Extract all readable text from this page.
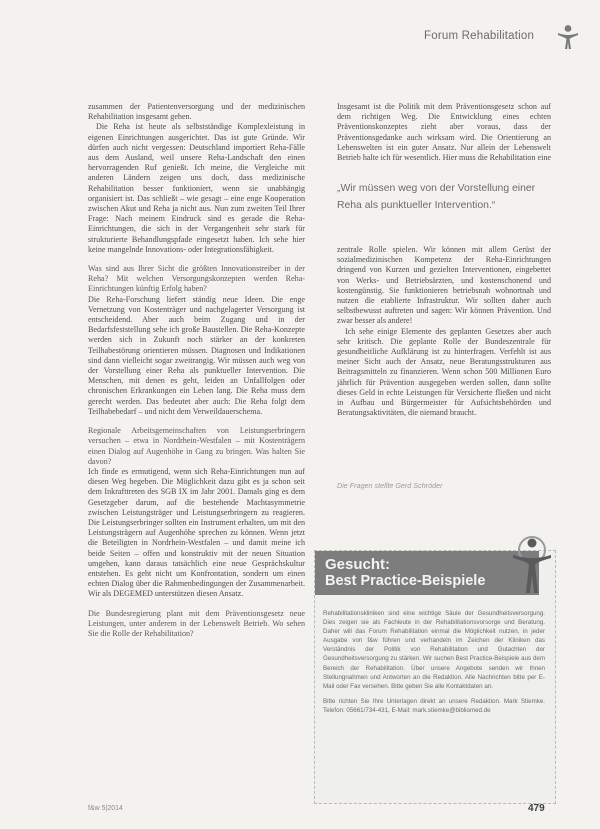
Forum Rehabilitation

zusammen der Patientenversorgung und der medizinischen Rehabilitation insgesamt gehen.

Die Reha ist heute als selbstständige Komplexleistung in eigenen Einrichtungen ausgerichtet. Das ist gute Gründe. Wir dürfen auch nicht vergessen: Deutschland importiert Reha-Fälle aus dem Ausland, weil unsere Reha-Landschaft den einen hervorragenden Ruf genießt. Ich meine, die Vergleiche mit anderen Ländern zeigen uns doch, dass medizinische Rehabilitation besser funktioniert, wenn sie unabhängig organisiert ist. Das schließt – wie gesagt – eine enge Kooperation zwischen Akut und Reha ja nicht aus. Nun zum zweiten Teil Ihrer Frage: Nach meinem Eindruck sind es gerade die Reha-Einrichtungen, die sich in der Vergangenheit sehr stark für strukturierte Behandlungspfade eingesetzt haben. Ich sehe hier keine mangelnde Innovations- oder Integrationsfähigkeit.

Was sind aus Ihrer Sicht die größten Innovationstreiber in der Reha? Mit welchen Versorgungskonzepten werden Reha-Einrichtungen künftig Erfolg haben?

Die Reha-Forschung liefert ständig neue Ideen. Die enge Vernetzung von Kostenträger und nachgelagerter Versorgung ist entscheidend. Aber auch beim Zugang und in der Bedarfsfeststellung sehe ich große Baustellen. Die Reha-Konzepte werden sich in Zukunft noch stärker an der konkreten Teilhabestörung orientieren müssen. Diagnosen und Indikationen sind dann vielleicht sogar zweitrangig. Wir müssen auch weg von der Vorstellung einer Reha als punktueller Intervention. Die Menschen, mit denen es geht, leiden an Unfallfolgen oder chronischen Erkrankungen ein Leben lang. Die Reha muss dem gerecht werden. Das bedeutet aber auch: Die Reha folgt dem Teilhabebedarf – und nicht dem Verweildauerschema.

Regionale Arbeitsgemeinschaften von Leistungserbringern versuchen – etwa in Nordrhein-Westfalen – mit Kostenträgern einen Dialog auf Augenhöhe in Gang zu bringen. Was halten Sie davon?

Ich finde es ermutigend, wenn sich Reha-Einrichtungen nun auf diesen Weg begeben. Die Möglichkeit dazu gibt es ja schon seit dem Inkrafttreten des SGB IX im Jahr 2001. Damals ging es dem Gesetzgeber darum, auf die bestehende Machtasymmetrie zwischen Leistungsträger und Leistungserbringern zu reagieren. Die Leistungserbringer sollten ein Instrument erhalten, um mit den Leistungsträgern auf Augenhöhe sprechen zu können. Wenn jetzt die Beteiligten in Nordrhein-Westfalen – und damit meine ich beide Seiten – offen und konstruktiv mit der neuen Situation umgehen, kann daraus tatsächlich eine neue Gesprächskultur entstehen. Es geht nicht um Konfrontation, sondern um einen echten Dialog über die Rahmenbedingungen der Zusammenarbeit. Wir als DEGEMED unterstützen diesen Ansatz.

Die Bundesregierung plant mit dem Präventionsgesetz neue Leistungen, unter anderem in der Lebenswelt Betrieb. Wo sehen Sie die Rolle der Rehabilitation?

Insgesamt ist die Politik mit dem Präventionsgesetz schon auf dem richtigen Weg. Die Entwicklung eines echten Präventionskonzeptes zieht aber voraus, dass der Präventionsgedanke auch wirksam wird. Die Orientierung an Lebenswelten ist ein guter Ansatz. Nur allein der Lebenswelt Betrieb halte ich für wesentlich. Hier muss die Rehabilitation eine

„Wir müssen weg von der Vorstellung einer Reha als punktueller Intervention.“

zentrale Rolle spielen. Wir können mit allem Gerüst der sozialmedizinischen Kompetenz der Reha-Einrichtungen dringend von Kurzen und gezielten Interventionen, eingebettet von Werks- und Betriebsärzten, und kostenschonend und kostengünstig. Sie funktionieren betriebsnah wohnortnah und nutzen die etablierte Infrastruktur. Wir sollten daher auch selbstbewusst auftreten und sagen: Wir können Prävention. Und zwar besser als andere!

Ich sehe einige Elemente des geplanten Gesetzes aber auch sehr kritisch. Die geplante Rolle der Bundeszentrale für gesundheitliche Aufklärung ist zu hinterfragen. Verfehlt ist aus meiner Sicht auch der Ansatz, neue Beratungsstrukturen aus Beitragsmitteln zu finanzieren. Wenn schon 500 Millionen Euro jährlich für Prävention ausgegeben werden sollen, dann sollte dieses Geld in echte Leistungen für Versicherte fließen und nicht in Aufbau und Bürgermeister für Aufsichtsbehörden und Beratungsaktivitäten, die niemand braucht.

Die Fragen stellte Gerd Schröder
Gesucht:
Best Practice-Beispiele

Rehabilitationskliniken sind eine wichtige Säule der Gesundheitsversorgung. Dies zeigen sie als Fachleute in der Rehabilitationsvorsorge und Beratung. Daher will das Forum Rehabilitation einmal die Möglichkeit nutzen, in jeder Ausgabe von f&w führen und verhandeln im Zeichen der Kliniken das Verständnis der Politik von Rehabilitation und Gutachten der Gesundheitsversorgung zu stärken. Wir suchen Best Practice-Beispiele aus dem Bereich der Rehabilitation. Über unsere Angebote senden wir Ihnen Stellungnahmen und Antworten an die Redaktion. Alle Nachrichten bitte per E-Mail oder Fax versehen. Bitte geben Sie alle Kontaktdaten an.

Bitte richten Sie Ihre Unterlagen direkt an unsere Redaktion. Mark Stiemke. Telefon: 05661/734-431, E-Mail: mark.stiemke@bibliomed.de

f&w 5|2014	479
